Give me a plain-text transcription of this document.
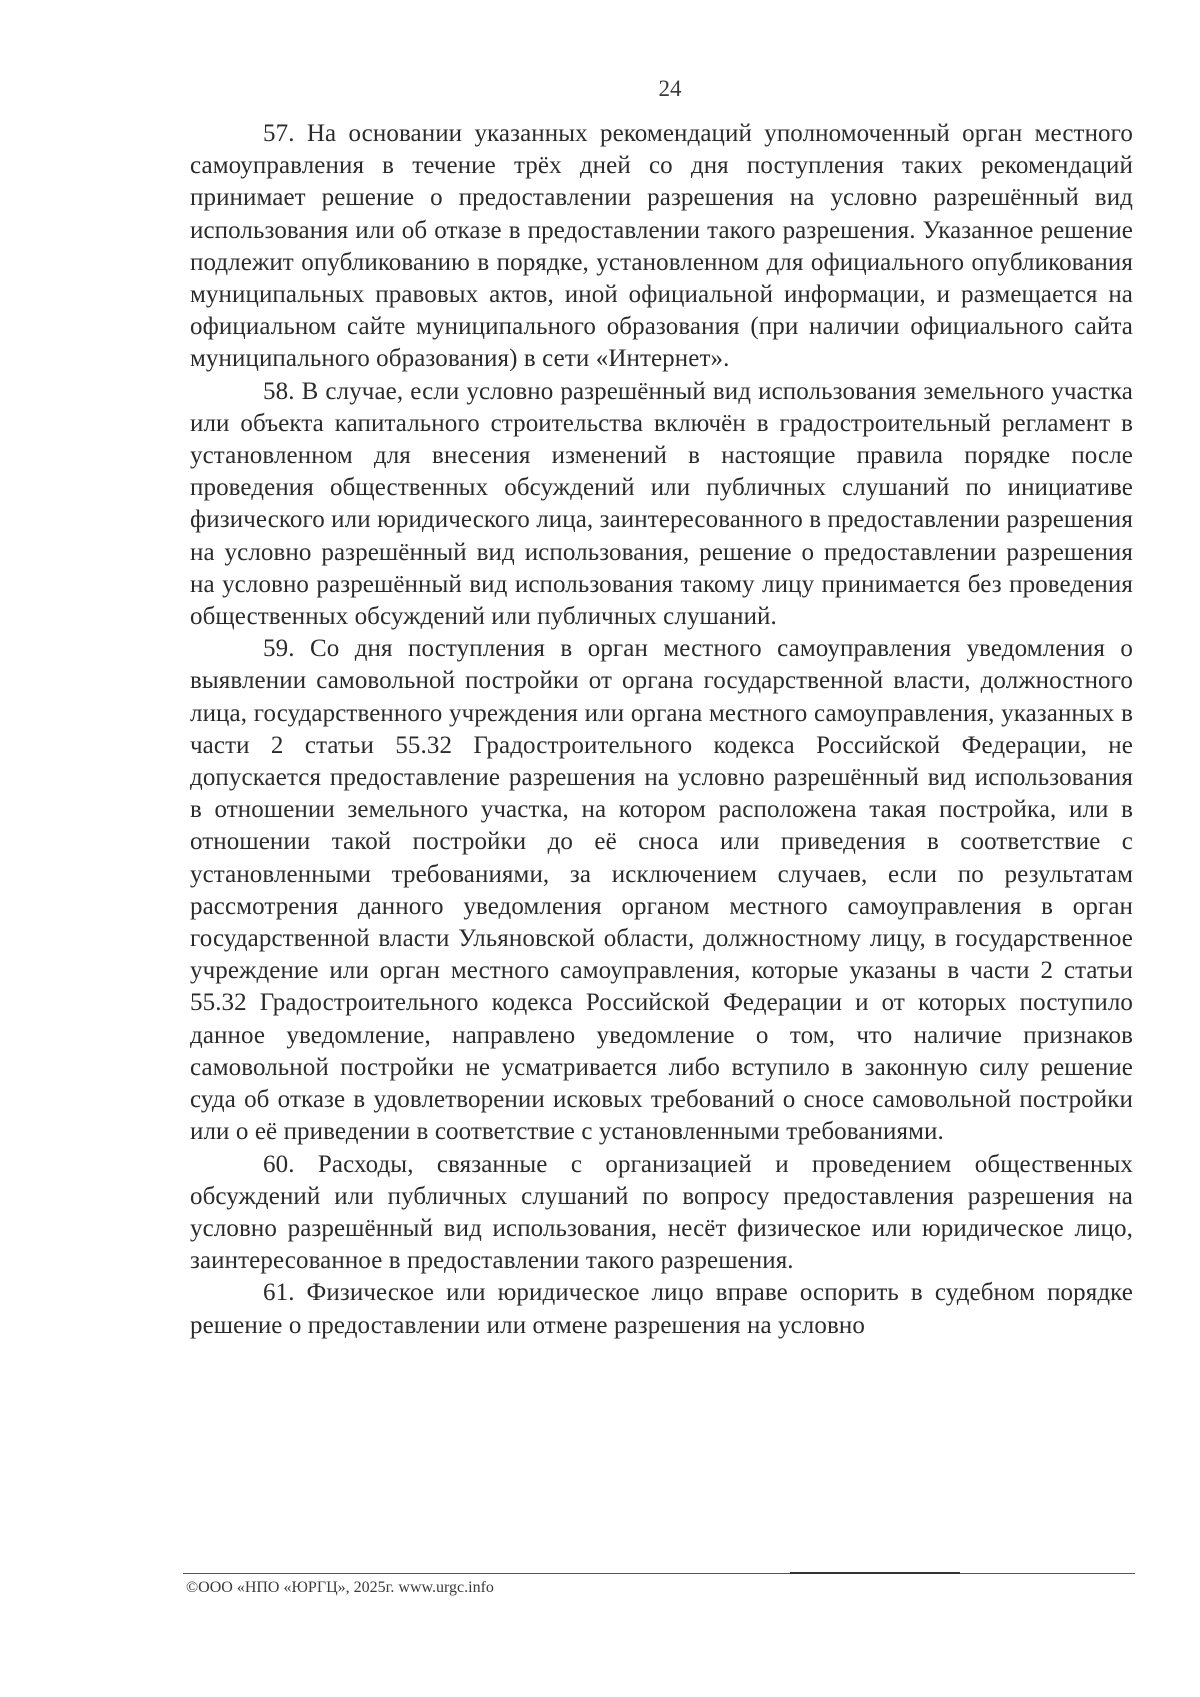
24

57. На основании указанных рекомендаций уполномоченный орган местного самоуправления в течение трёх дней со дня поступления таких рекомендаций принимает решение о предоставлении разрешения на условно разрешённый вид использования или об отказе в предоставлении такого разрешения. Указанное решение подлежит опубликованию в порядке, установленном для официального опубликования муниципальных правовых актов, иной официальной информации, и размещается на официальном сайте муниципального образования (при наличии официального сайта муниципального образования) в сети «Интернет».

58. В случае, если условно разрешённый вид использования земельного участка или объекта капитального строительства включён в градостроительный регламент в установленном для внесения изменений в настоящие правила порядке после проведения общественных обсуждений или публичных слушаний по инициативе физического или юридического лица, заинтересованного в предоставлении разрешения на условно разрешённый вид использования, решение о предоставлении разрешения на условно разрешённый вид использования такому лицу принимается без проведения общественных обсуждений или публичных слушаний.

59. Со дня поступления в орган местного самоуправления уведомления о выявлении самовольной постройки от органа государственной власти, должностного лица, государственного учреждения или органа местного самоуправления, указанных в части 2 статьи 55.32 Градостроительного кодекса Российской Федерации, не допускается предоставление разрешения на условно разрешённый вид использования в отношении земельного участка, на котором расположена такая постройка, или в отношении такой постройки до её сноса или приведения в соответствие с установленными требованиями, за исключением случаев, если по результатам рассмотрения данного уведомления органом местного самоуправления в орган государственной власти Ульяновской области, должностному лицу, в государственное учреждение или орган местного самоуправления, которые указаны в части 2 статьи 55.32 Градостроительного кодекса Российской Федерации и от которых поступило данное уведомление, направлено уведомление о том, что наличие признаков самовольной постройки не усматривается либо вступило в законную силу решение суда об отказе в удовлетворении исковых требований о сносе самовольной постройки или о её приведении в соответствие с установленными требованиями.

60. Расходы, связанные с организацией и проведением общественных обсуждений или публичных слушаний по вопросу предоставления разрешения на условно разрешённый вид использования, несёт физическое или юридическое лицо, заинтересованное в предоставлении такого разрешения.

61. Физическое или юридическое лицо вправе оспорить в судебном порядке решение о предоставлении или отмене разрешения на условно

©ООО «НПО «ЮРГЦ», 2025г. www.urgc.info
